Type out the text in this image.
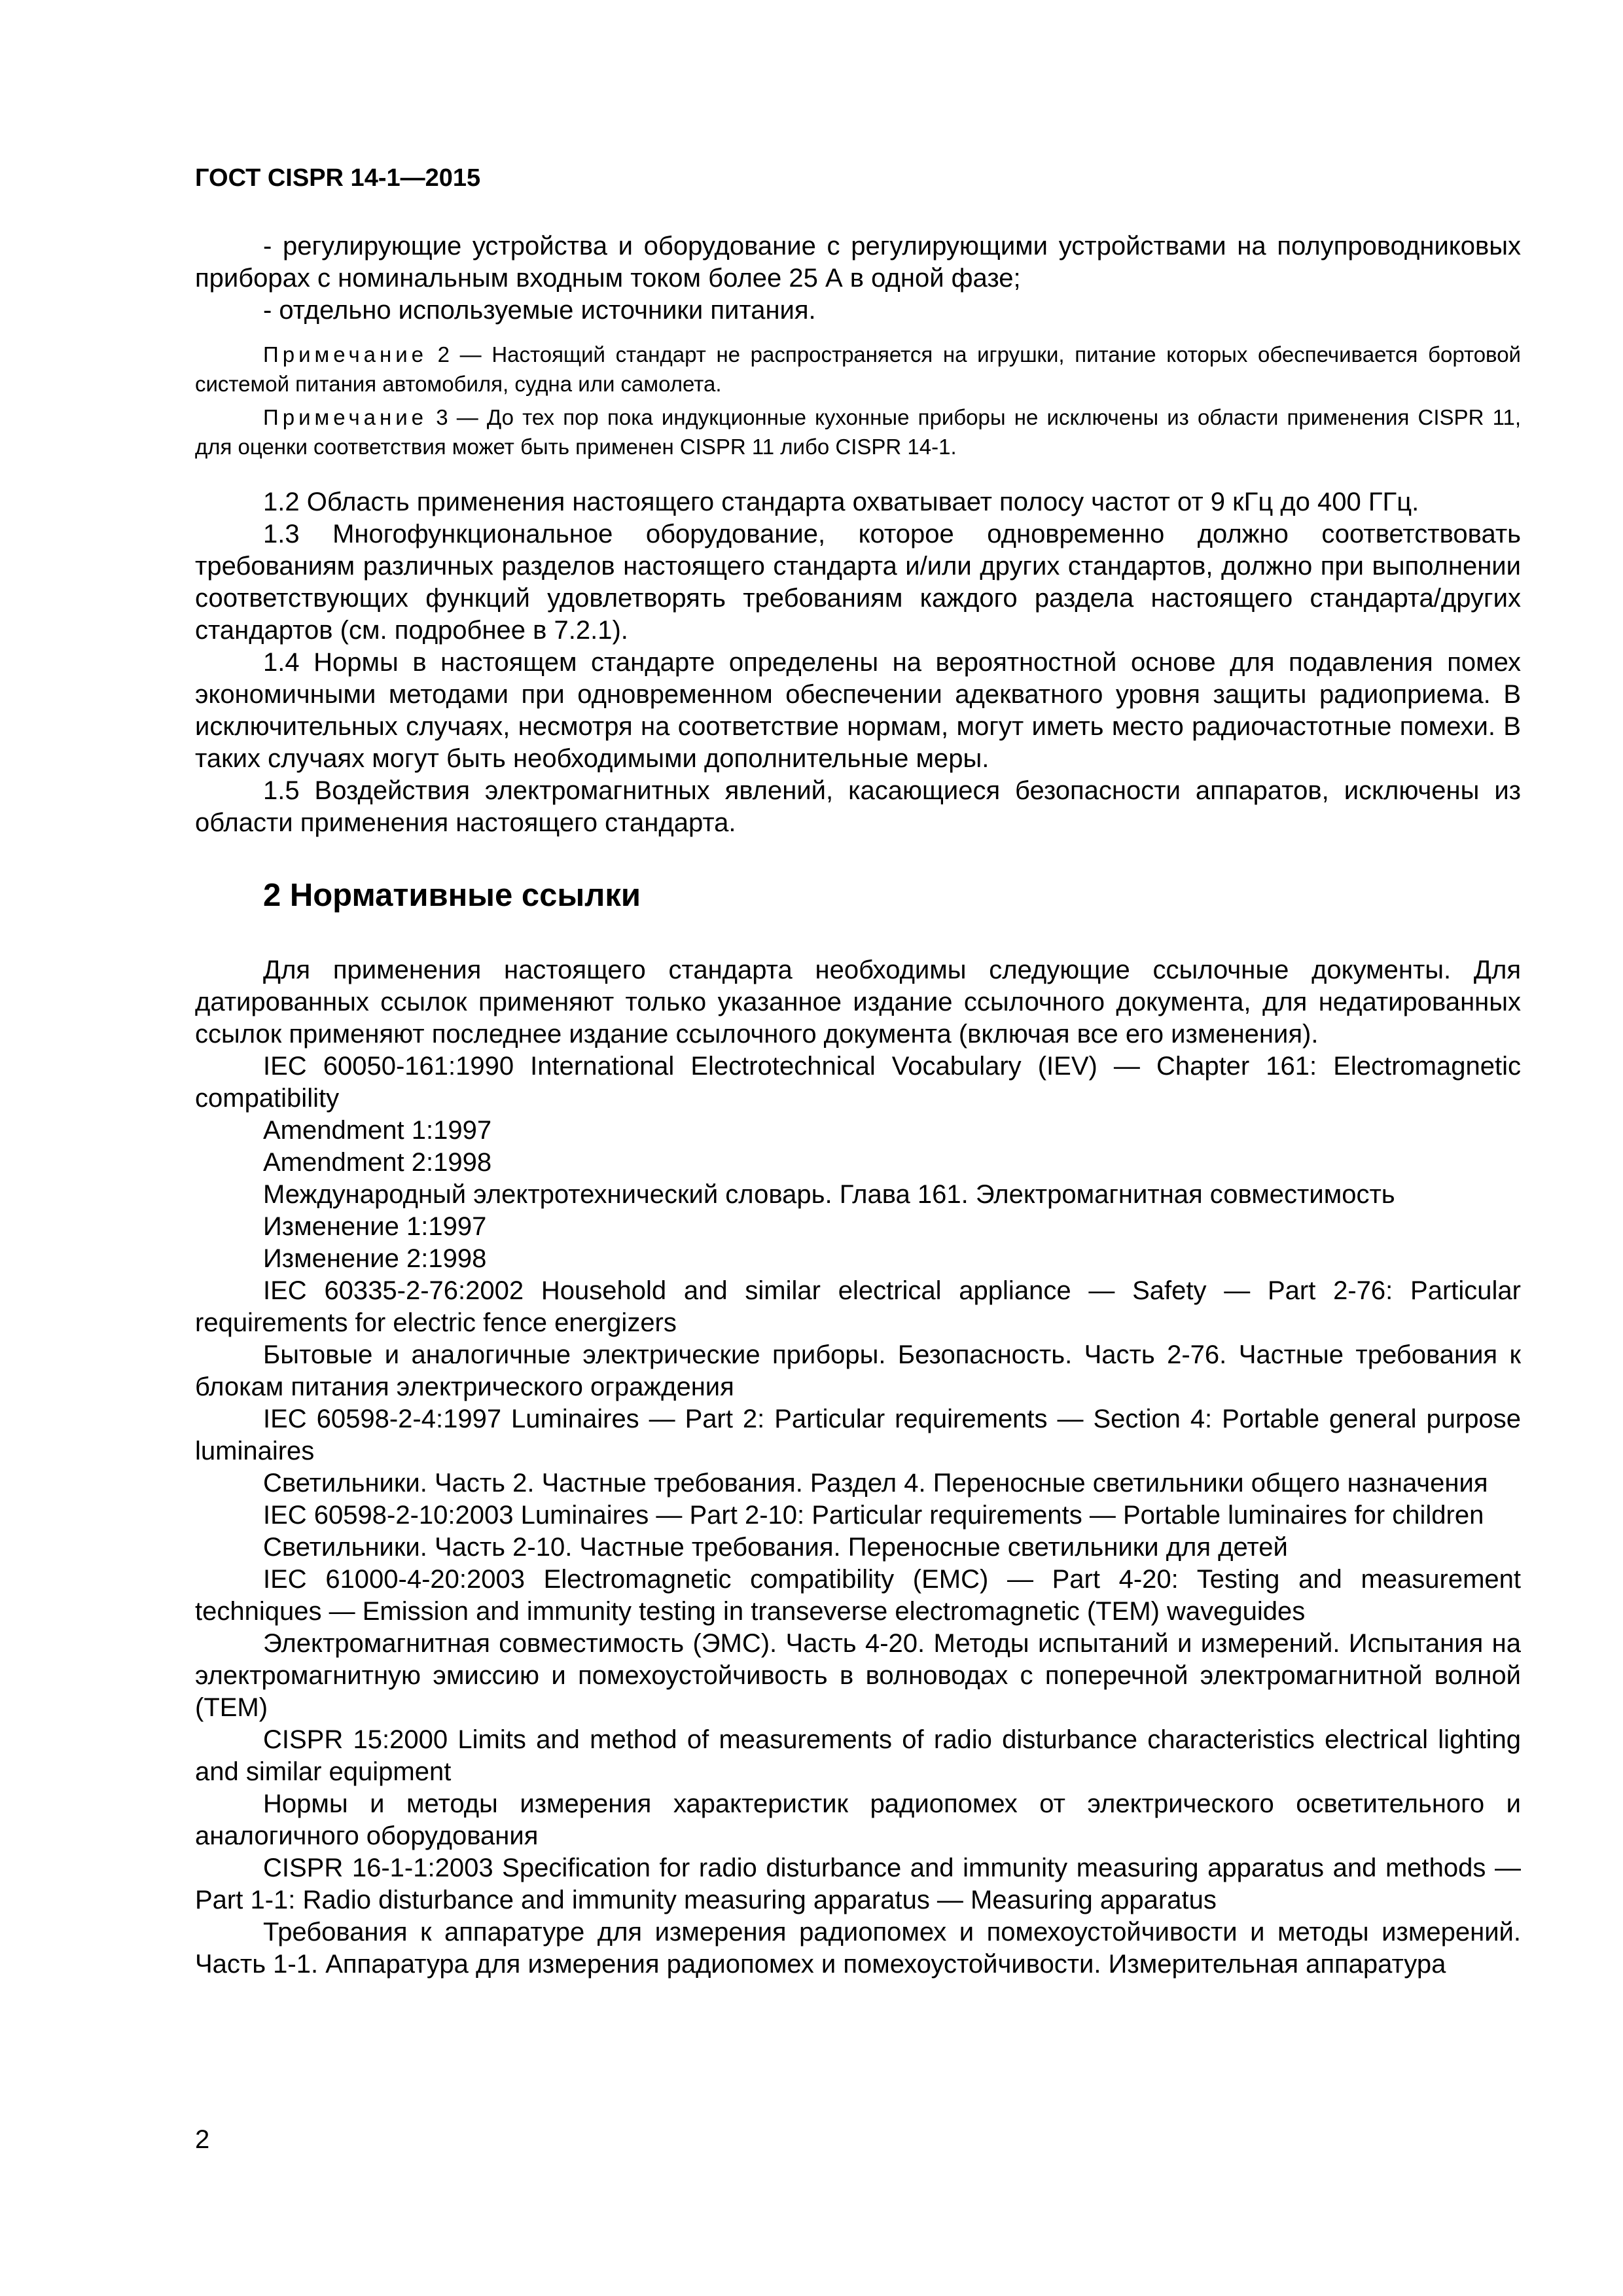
ГОСТ CISPR 14-1—2015

- регулирующие устройства и оборудование с регулирующими устройствами на полупроводниковых приборах с номинальным входным током более 25 А в одной фазе;

- отдельно используемые источники питания.

Примечание 2 — Настоящий стандарт не распространяется на игрушки, питание которых обеспечивается бортовой системой питания автомобиля, судна или самолета.

Примечание 3 — До тех пор пока индукционные кухонные приборы не исключены из области применения CISPR 11, для оценки соответствия может быть применен CISPR 11 либо CISPR 14-1.

1.2 Область применения настоящего стандарта охватывает полосу частот от 9 кГц до 400 ГГц.

1.3 Многофункциональное оборудование, которое одновременно должно соответствовать требованиям различных разделов настоящего стандарта и/или других стандартов, должно при выполнении соответствующих функций удовлетворять требованиям каждого раздела настоящего стандарта/других стандартов (см. подробнее в 7.2.1).

1.4 Нормы в настоящем стандарте определены на вероятностной основе для подавления помех экономичными методами при одновременном обеспечении адекватного уровня защиты радиоприема. В исключительных случаях, несмотря на соответствие нормам, могут иметь место радиочастотные помехи. В таких случаях могут быть необходимыми дополнительные меры.

1.5 Воздействия электромагнитных явлений, касающиеся безопасности аппаратов, исключены из области применения настоящего стандарта.

2 Нормативные ссылки

Для применения настоящего стандарта необходимы следующие ссылочные документы. Для датированных ссылок применяют только указанное издание ссылочного документа, для недатированных ссылок применяют последнее издание ссылочного документа (включая все его изменения).

IEC 60050-161:1990 International Electrotechnical Vocabulary (IEV) — Chapter 161: Electromagnetic compatibility

Amendment 1:1997

Amendment 2:1998

Международный электротехнический словарь. Глава 161. Электромагнитная совместимость

Изменение 1:1997

Изменение 2:1998

IEC 60335-2-76:2002 Household and similar electrical appliance — Safety — Part 2-76: Particular requirements for electric fence energizers

Бытовые и аналогичные электрические приборы. Безопасность. Часть 2-76. Частные требования к блокам питания электрического ограждения

IEC 60598-2-4:1997 Luminaires — Part 2: Particular requirements — Section 4: Portable general purpose luminaires

Светильники. Часть 2. Частные требования. Раздел 4. Переносные светильники общего назначения

IEC 60598-2-10:2003 Luminaires — Part 2-10: Particular requirements — Portable luminaires for children

Светильники. Часть 2-10. Частные требования. Переносные светильники для детей

IEC 61000-4-20:2003 Electromagnetic compatibility (EMC) — Part 4-20: Testing and measurement techniques — Emission and immunity testing in transeverse electromagnetic (TEM) waveguides

Электромагнитная совместимость (ЭМС). Часть 4-20. Методы испытаний и измерений. Испытания на электромагнитную эмиссию и помехоустойчивость в волноводах с поперечной электромагнитной волной (ТЕМ)

CISPR 15:2000 Limits and method of measurements of radio disturbance characteristics electrical lighting and similar equipment

Нормы и методы измерения характеристик радиопомех от электрического осветительного и аналогичного оборудования

CISPR 16-1-1:2003 Specification for radio disturbance and immunity measuring apparatus and methods — Part 1-1: Radio disturbance and immunity measuring apparatus — Measuring apparatus

Требования к аппаратуре для измерения радиопомех и помехоустойчивости и методы измерений. Часть 1-1. Аппаратура для измерения радиопомех и помехоустойчивости. Измерительная аппаратура

2
